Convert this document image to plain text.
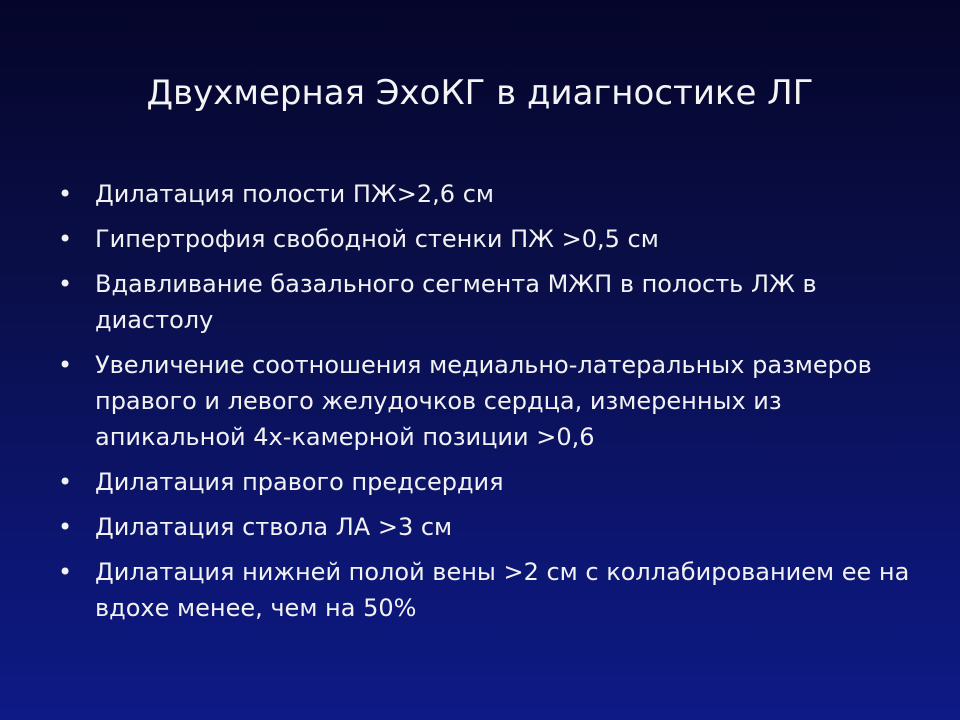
Двухмерная ЭхоКГ в диагностике ЛГ
• Дилатация полости ПЖ>2,6 см
• Гипертрофия свободной стенки ПЖ >0,5 см
• Вдавливание базального сегмента МЖП в полость ЛЖ в диастолу
• Увеличение соотношения медиально-латеральных размеров правого и левого желудочков сердца, измеренных из апикальной 4х-камерной позиции >0,6
• Дилатация правого предсердия
• Дилатация ствола ЛА >3 см
• Дилатация нижней полой вены >2 см с коллабированием ее на вдохе менее, чем на 50%
